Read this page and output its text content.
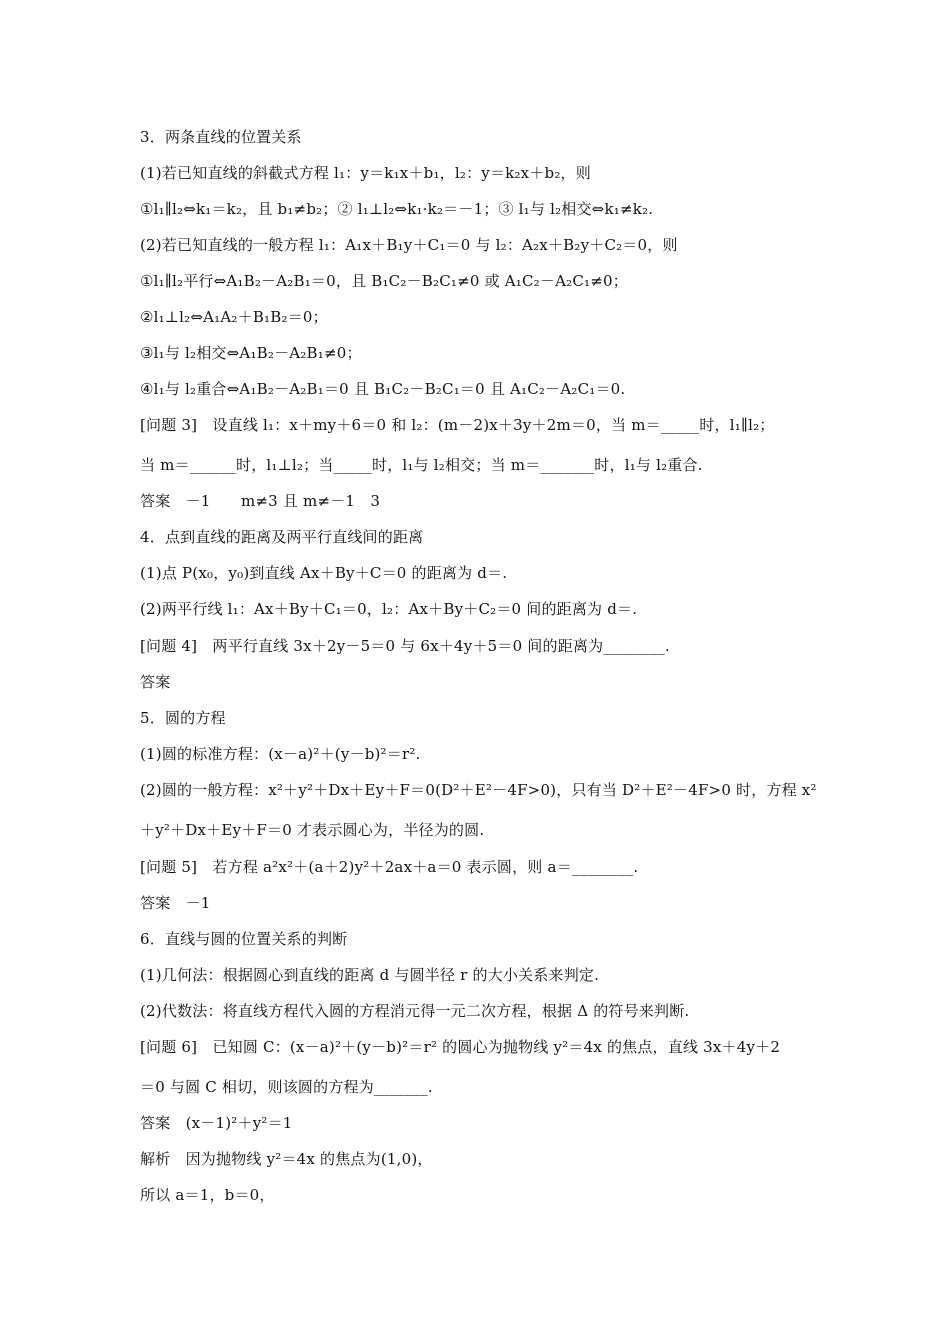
3．两条直线的位置关系
(1)若已知直线的斜截式方程 l₁：y＝k₁x＋b₁，l₂：y＝k₂x＋b₂，则
①l₁∥l₂⇔k₁＝k₂，且 b₁≠b₂；② l₁⊥l₂⇔k₁·k₂＝－1；③ l₁与 l₂相交⇔k₁≠k₂.
(2)若已知直线的一般方程 l₁：A₁x＋B₁y＋C₁＝0 与 l₂：A₂x＋B₂y＋C₂＝0，则
①l₁∥l₂平行⇔A₁B₂－A₂B₁＝0，且 B₁C₂－B₂C₁≠0 或 A₁C₂－A₂C₁≠0；
②l₁⊥l₂⇔A₁A₂＋B₁B₂＝0；
③l₁与 l₂相交⇔A₁B₂－A₂B₁≠0；
④l₁与 l₂重合⇔A₁B₂－A₂B₁＝0 且 B₁C₂－B₂C₁＝0 且 A₁C₂－A₂C₁＝0.
[问题 3]　设直线 l₁：x＋my＋6＝0 和 l₂：(m－2)x＋3y＋2m＝0，当 m＝_____时，l₁∥l₂；
当 m＝______时，l₁⊥l₂；当_____时，l₁与 l₂相交；当 m＝_______时，l₁与 l₂重合.
答案　－1　　m≠3 且 m≠－1　3
4．点到直线的距离及两平行直线间的距离
(1)点 P(x₀，y₀)到直线 Ax＋By＋C＝0 的距离为 d＝.
(2)两平行线 l₁：Ax＋By＋C₁＝0，l₂：Ax＋By＋C₂＝0 间的距离为 d＝.
[问题 4]　两平行直线 3x＋2y－5＝0 与 6x＋4y＋5＝0 间的距离为________.
答案
5．圆的方程
(1)圆的标准方程：(x－a)²＋(y－b)²＝r².
(2)圆的一般方程：x²＋y²＋Dx＋Ey＋F＝0(D²＋E²－4F>0)，只有当 D²＋E²－4F>0 时，方程 x²
＋y²＋Dx＋Ey＋F＝0 才表示圆心为，半径为的圆.
[问题 5]　若方程 a²x²＋(a＋2)y²＋2ax＋a＝0 表示圆，则 a＝________.
答案　－1
6．直线与圆的位置关系的判断
(1)几何法：根据圆心到直线的距离 d 与圆半径 r 的大小关系来判定.
(2)代数法：将直线方程代入圆的方程消元得一元二次方程，根据 Δ 的符号来判断.
[问题 6]　已知圆 C：(x－a)²＋(y－b)²＝r² 的圆心为抛物线 y²＝4x 的焦点，直线 3x＋4y＋2
＝0 与圆 C 相切，则该圆的方程为_______.
答案　(x－1)²＋y²＝1
解析　因为抛物线 y²＝4x 的焦点为(1,0)，
所以 a＝1，b＝0，
